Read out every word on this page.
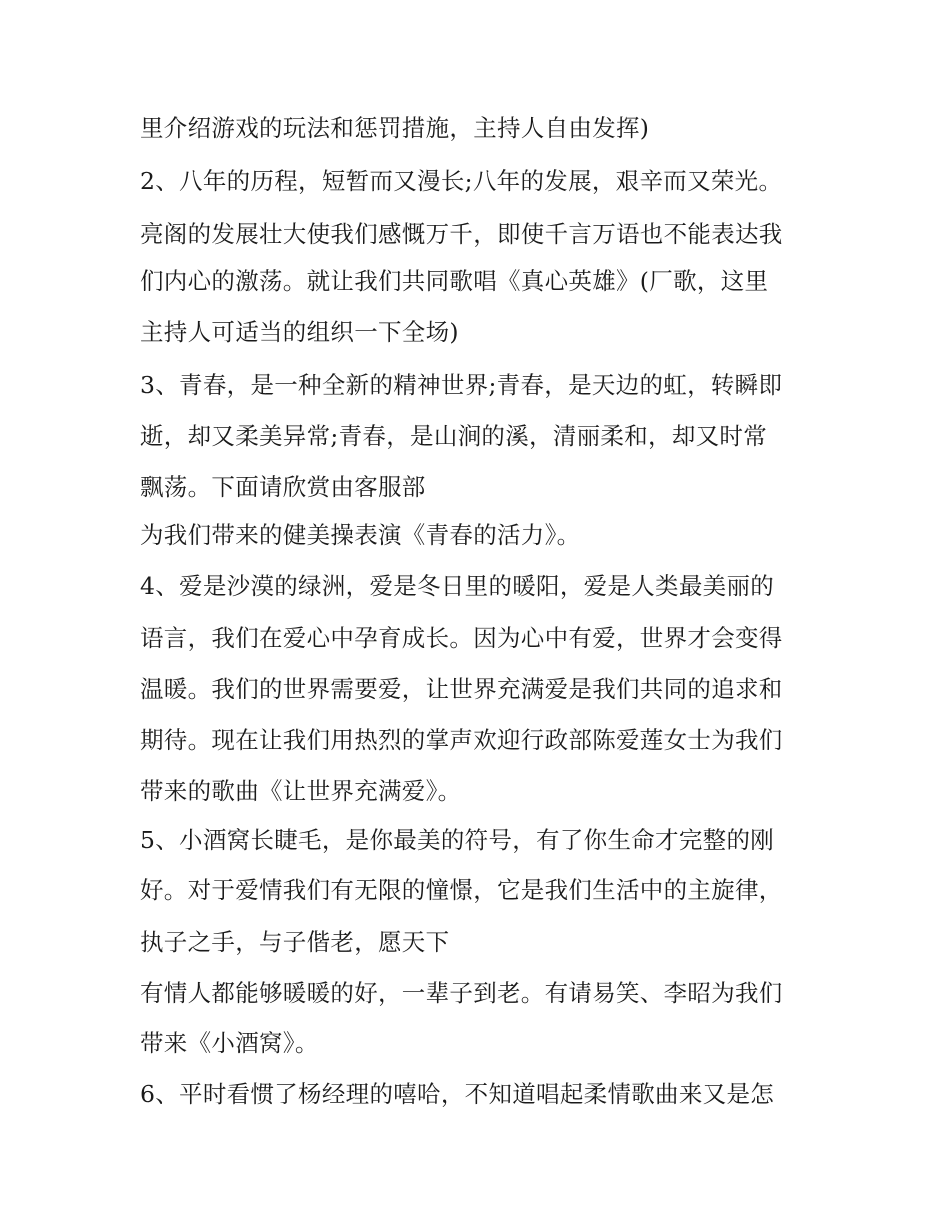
里介绍游戏的玩法和惩罚措施，主持人自由发挥)
2、八年的历程，短暂而又漫长;八年的发展，艰辛而又荣光。
亮阁的发展壮大使我们感慨万千，即使千言万语也不能表达我
们内心的激荡。就让我们共同歌唱《真心英雄》(厂歌，这里
主持人可适当的组织一下全场)
3、青春，是一种全新的精神世界;青春，是天边的虹，转瞬即
逝，却又柔美异常;青春，是山涧的溪，清丽柔和，却又时常
飘荡。下面请欣赏由客服部
为我们带来的健美操表演《青春的活力》。
4、爱是沙漠的绿洲，爱是冬日里的暖阳，爱是人类最美丽的
语言，我们在爱心中孕育成长。因为心中有爱，世界才会变得
温暖。我们的世界需要爱，让世界充满爱是我们共同的追求和
期待。现在让我们用热烈的掌声欢迎行政部陈爱莲女士为我们
带来的歌曲《让世界充满爱》。
5、小酒窝长睫毛，是你最美的符号，有了你生命才完整的刚
好。对于爱情我们有无限的憧憬，它是我们生活中的主旋律，
执子之手，与子偕老，愿天下
有情人都能够暖暖的好，一辈子到老。有请易笑、李昭为我们
带来《小酒窝》。
6、平时看惯了杨经理的嘻哈，不知道唱起柔情歌曲来又是怎
